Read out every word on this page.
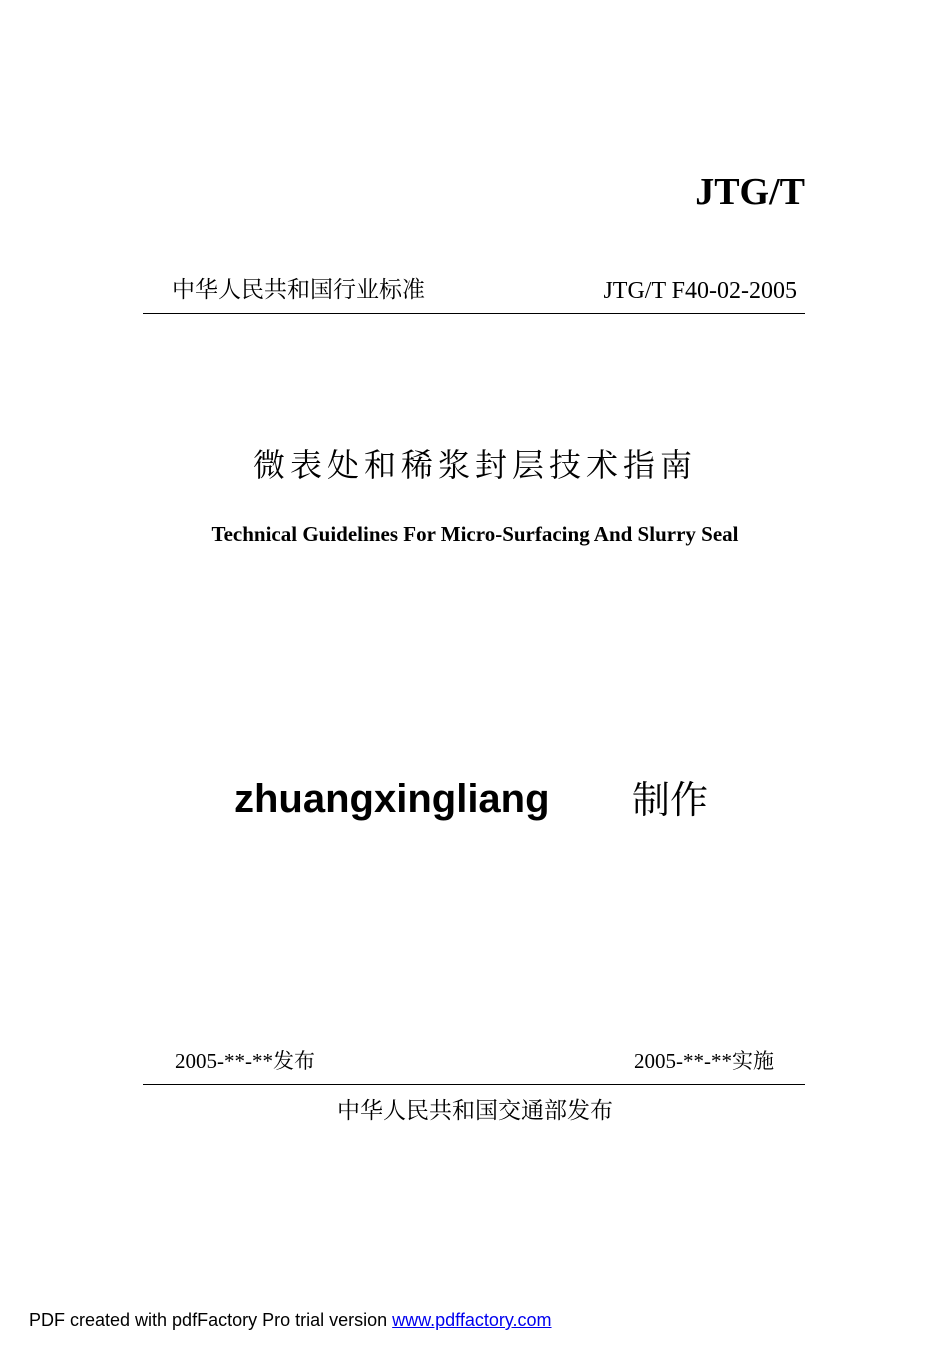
JTG/T
中华人民共和国行业标准	JTG/T F40-02-2005
微表处和稀浆封层技术指南
Technical Guidelines For Micro-Surfacing And Slurry Seal
zhuangxingliang 制作
2005-**-**发布	2005-**-**实施
中华人民共和国交通部发布
PDF created with pdfFactory Pro trial version www.pdffactory.com
